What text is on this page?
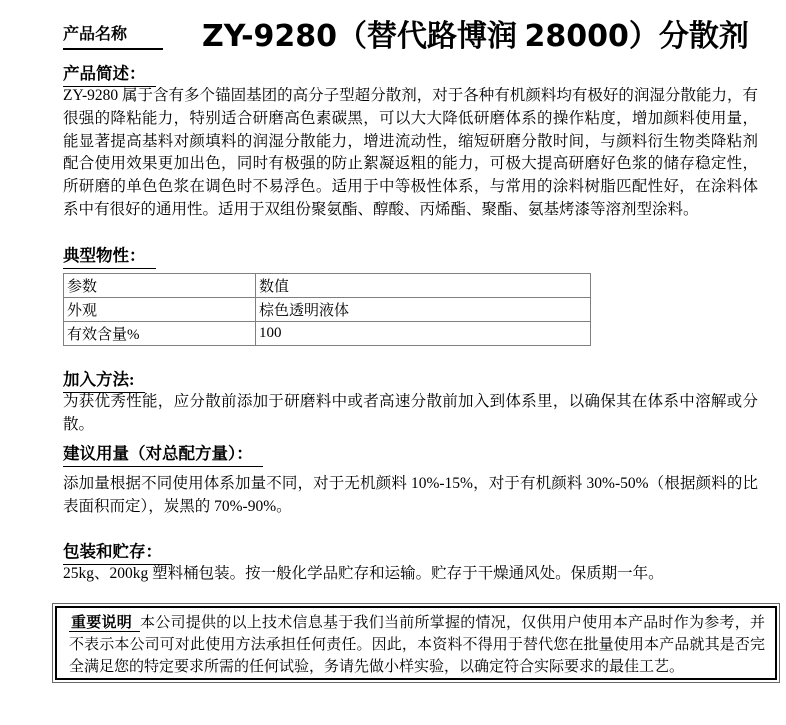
产品名称	ZY-9280（替代路博润 28000）分散剂
产品简述：
ZY-9280 属于含有多个锚固基团的高分子型超分散剂，对于各种有机颜料均有极好的润湿分散能力，有很强的降粘能力，特别适合研磨高色素碳黑，可以大大降低研磨体系的操作粘度，增加颜料使用量，能显著提高基料对颜填料的润湿分散能力，增进流动性，缩短研磨分散时间，与颜料衍生物类降粘剂配合使用效果更加出色，同时有极强的防止絮凝返粗的能力，可极大提高研磨好色浆的储存稳定性，所研磨的单色色浆在调色时不易浮色。适用于中等极性体系，与常用的涂料树脂匹配性好，在涂料体系中有很好的通用性。适用于双组份聚氨酯、醇酸、丙烯酯、聚酯、氨基烤漆等溶剂型涂料。
典型物性：
参数	数值
外观	棕色透明液体
有效含量%	100
加入方法:
为获优秀性能，应分散前添加于研磨料中或者高速分散前加入到体系里，以确保其在体系中溶解或分散。
建议用量（对总配方量）：
添加量根据不同使用体系加量不同，对于无机颜料 10%-15%，对于有机颜料 30%-50%（根据颜料的比表面积而定），炭黑的 70%-90%。
包装和贮存：
25kg、200kg 塑料桶包装。按一般化学品贮存和运输。贮存于干燥通风处。保质期一年。
重要说明 本公司提供的以上技术信息基于我们当前所掌握的情况，仅供用户使用本产品时作为参考，并不表示本公司可对此使用方法承担任何责任。因此，本资料不得用于替代您在批量使用本产品就其是否完全满足您的特定要求所需的任何试验，务请先做小样实验，以确定符合实际要求的最佳工艺。
